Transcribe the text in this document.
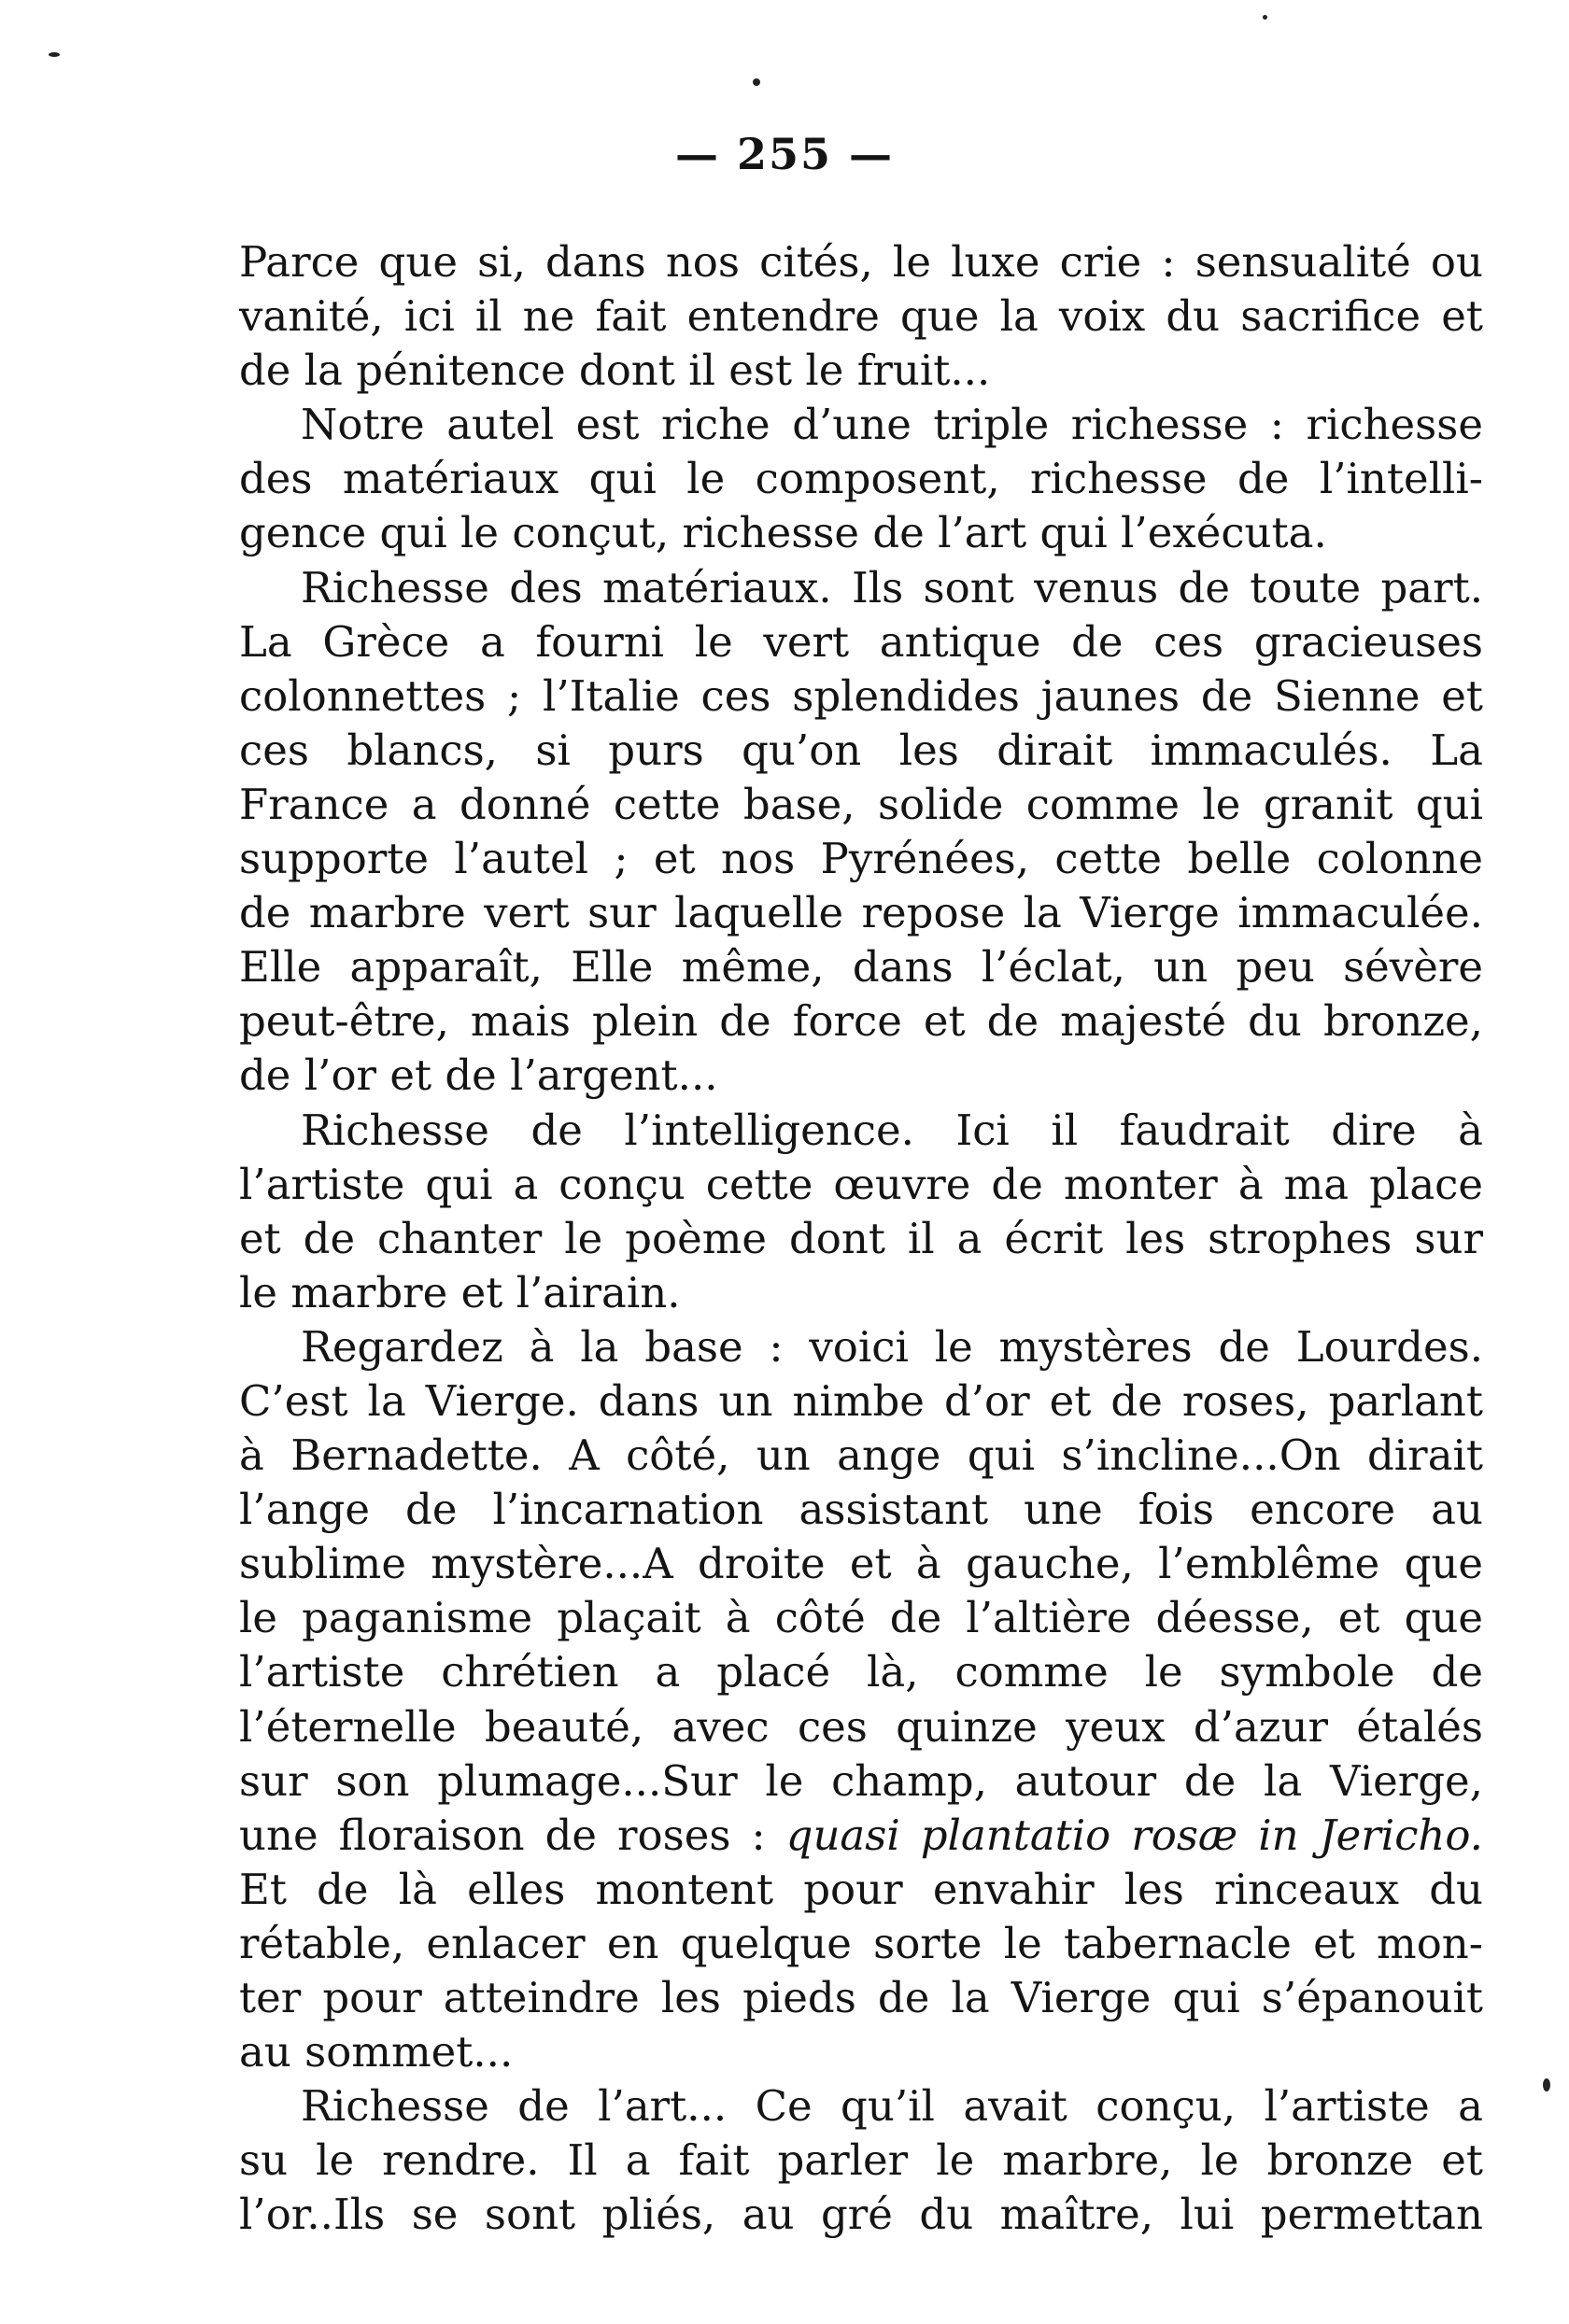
— 255 —
Parce que si, dans nos cités, le luxe crie : sensualité ou
vanité, ici il ne fait entendre que la voix du sacrifice et
de la pénitence dont il est le fruit...
Notre autel est riche d’une triple richesse : richesse
des matériaux qui le composent, richesse de l’intelli-
gence qui le conçut, richesse de l’art qui l’exécuta.
Richesse des matériaux. Ils sont venus de toute part.
La Grèce a fourni le vert antique de ces gracieuses
colonnettes ; l’Italie ces splendides jaunes de Sienne et
ces blancs, si purs qu’on les dirait immaculés. La
France a donné cette base, solide comme le granit qui
supporte l’autel ; et nos Pyrénées, cette belle colonne
de marbre vert sur laquelle repose la Vierge immaculée.
Elle apparaît, Elle même, dans l’éclat, un peu sévère
peut-être, mais plein de force et de majesté du bronze,
de l’or et de l’argent...
Richesse de l’intelligence. Ici il faudrait dire à
l’artiste qui a conçu cette œuvre de monter à ma place
et de chanter le poème dont il a écrit les strophes sur
le marbre et l’airain.
Regardez à la base : voici le mystères de Lourdes.
C’est la Vierge. dans un nimbe d’or et de roses, parlant
à Bernadette. A côté, un ange qui s’incline...On dirait
l’ange de l’incarnation assistant une fois encore au
sublime mystère...A droite et à gauche, l’emblême que
le paganisme plaçait à côté de l’altière déesse, et que
l’artiste chrétien a placé là, comme le symbole de
l’éternelle beauté, avec ces quinze yeux d’azur étalés
sur son plumage...Sur le champ, autour de la Vierge,
une floraison de roses : quasi plantatio rosæ in Jericho.
Et de là elles montent pour envahir les rinceaux du
rétable, enlacer en quelque sorte le tabernacle et mon-
ter pour atteindre les pieds de la Vierge qui s’épanouit
au sommet...
Richesse de l’art... Ce qu’il avait conçu, l’artiste a
su le rendre. Il a fait parler le marbre, le bronze et
l’or..Ils se sont pliés, au gré du maître, lui permettan
